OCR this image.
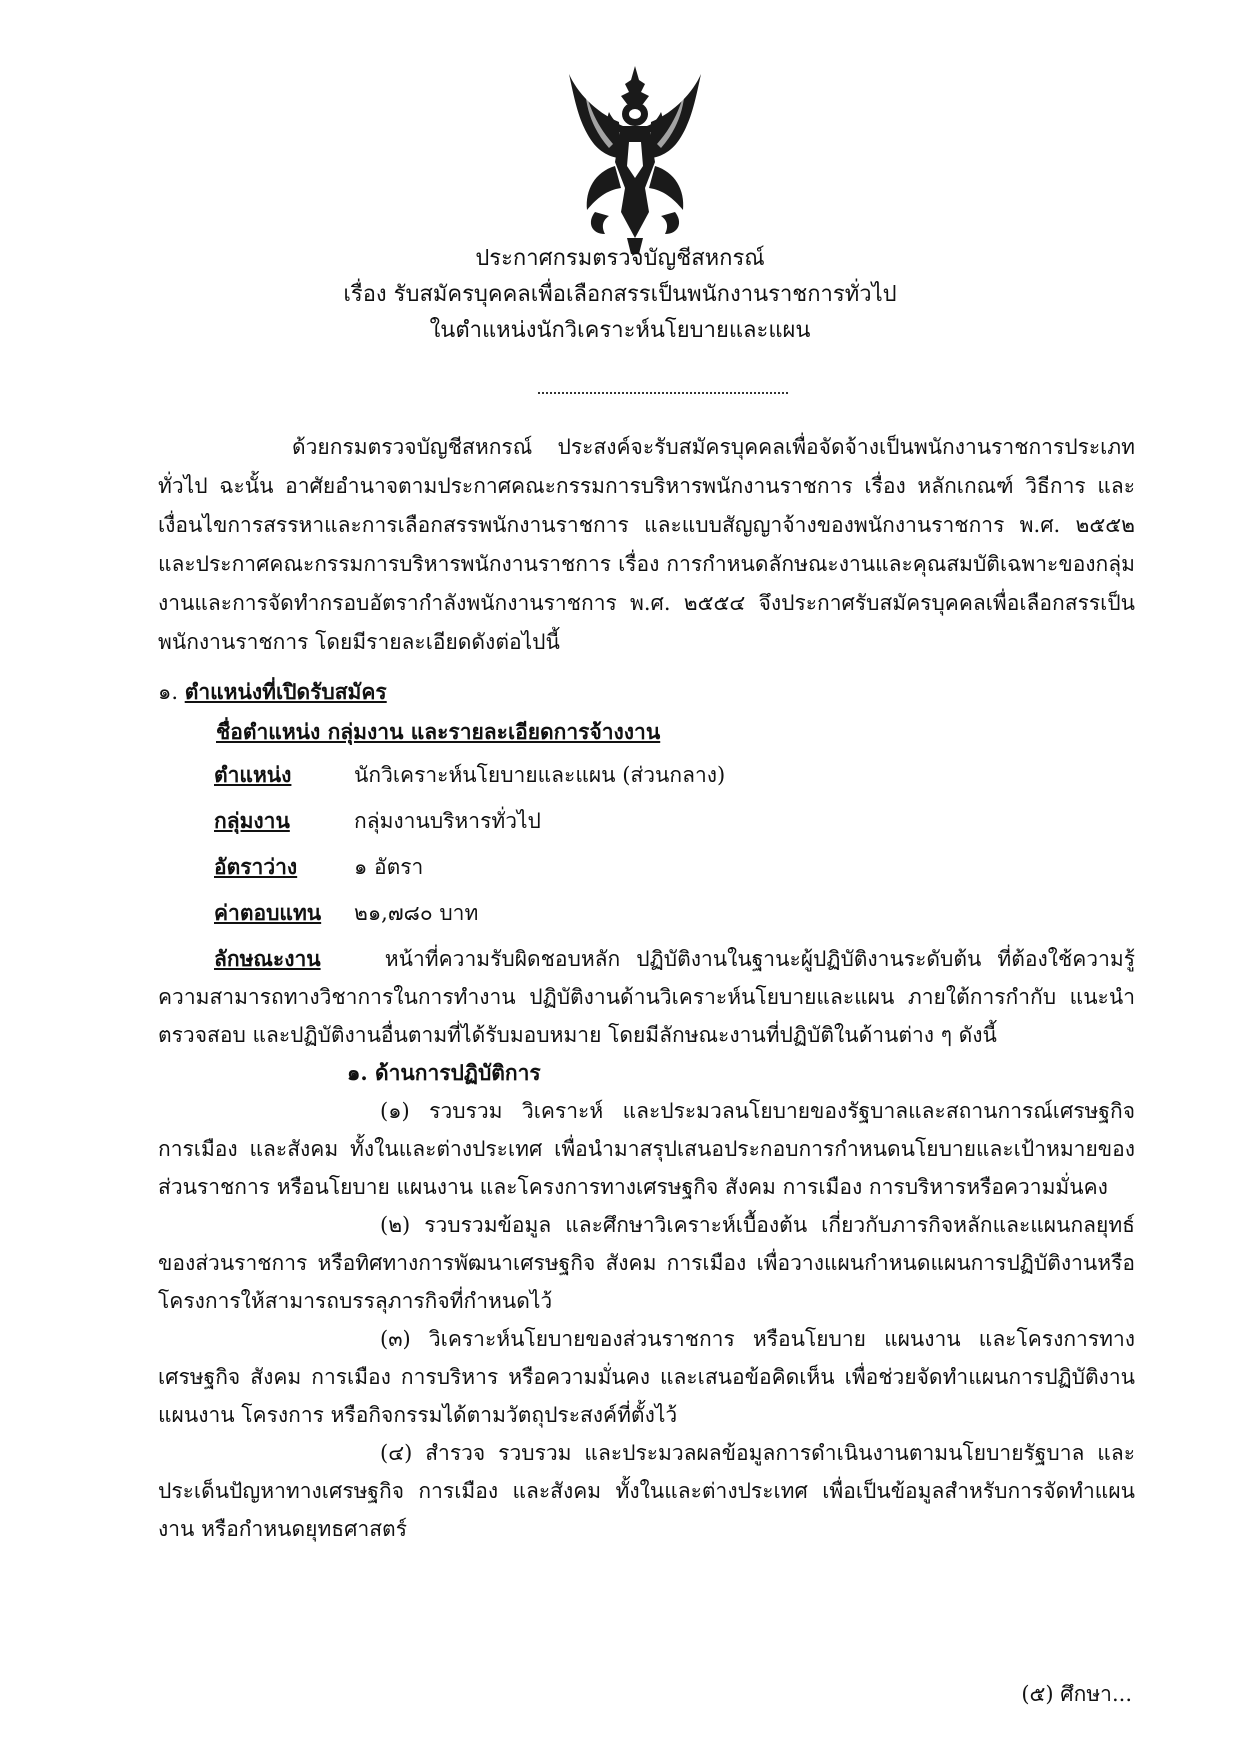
ประกาศกรมตรวจบัญชีสหกรณ์
เรื่อง รับสมัครบุคคลเพื่อเลือกสรรเป็นพนักงานราชการทั่วไป
ในตำแหน่งนักวิเคราะห์นโยบายและแผน
ด้วยกรมตรวจบัญชีสหกรณ์ ประสงค์จะรับสมัครบุคคลเพื่อจัดจ้างเป็นพนักงานราชการประเภททั่วไป ฉะนั้น อาศัยอำนาจตามประกาศคณะกรรมการบริหารพนักงานราชการ เรื่อง หลักเกณฑ์ วิธีการ และเงื่อนไขการสรรหาและการเลือกสรรพนักงานราชการ และแบบสัญญาจ้างของพนักงานราชการ พ.ศ. ๒๕๕๒ และประกาศคณะกรรมการบริหารพนักงานราชการ เรื่อง การกำหนดลักษณะงานและคุณสมบัติเฉพาะของกลุ่มงานและการจัดทำกรอบอัตรากำลังพนักงานราชการ พ.ศ. ๒๕๕๔ จึงประกาศรับสมัครบุคคลเพื่อเลือกสรรเป็นพนักงานราชการ โดยมีรายละเอียดดังต่อไปนี้
๑. ตำแหน่งที่เปิดรับสมัคร
ชื่อตำแหน่ง กลุ่มงาน และรายละเอียดการจ้างงาน
ตำแหน่ง	นักวิเคราะห์นโยบายและแผน (ส่วนกลาง)
กลุ่มงาน	กลุ่มงานบริหารทั่วไป
อัตราว่าง	๑ อัตรา
ค่าตอบแทน	๒๑,๗๘๐ บาท
ลักษณะงาน	หน้าที่ความรับผิดชอบหลัก ปฏิบัติงานในฐานะผู้ปฏิบัติงานระดับต้น ที่ต้องใช้ความรู้ ความสามารถทางวิชาการในการทำงาน ปฏิบัติงานด้านวิเคราะห์นโยบายและแผน ภายใต้การกำกับ แนะนำ ตรวจสอบ และปฏิบัติงานอื่นตามที่ได้รับมอบหมาย โดยมีลักษณะงานที่ปฏิบัติในด้านต่าง ๆ ดังนี้
๑. ด้านการปฏิบัติการ
(๑) รวบรวม วิเคราะห์ และประมวลนโยบายของรัฐบาลและสถานการณ์เศรษฐกิจ การเมือง และสังคม ทั้งในและต่างประเทศ เพื่อนำมาสรุปเสนอประกอบการกำหนดนโยบายและเป้าหมายของส่วนราชการ หรือนโยบาย แผนงาน และโครงการทางเศรษฐกิจ สังคม การเมือง การบริหารหรือความมั่นคง
(๒) รวบรวมข้อมูล และศึกษาวิเคราะห์เบื้องต้น เกี่ยวกับภารกิจหลักและแผนกลยุทธ์ของส่วนราชการ หรือทิศทางการพัฒนาเศรษฐกิจ สังคม การเมือง เพื่อวางแผนกำหนดแผนการปฏิบัติงานหรือโครงการให้สามารถบรรลุภารกิจที่กำหนดไว้
(๓) วิเคราะห์นโยบายของส่วนราชการ หรือนโยบาย แผนงาน และโครงการทางเศรษฐกิจ สังคม การเมือง การบริหาร หรือความมั่นคง และเสนอข้อคิดเห็น เพื่อช่วยจัดทำแผนการปฏิบัติงาน แผนงาน โครงการ หรือกิจกรรมได้ตามวัตถุประสงค์ที่ตั้งไว้
(๔) สำรวจ รวบรวม และประมวลผลข้อมูลการดำเนินงานตามนโยบายรัฐบาล และประเด็นปัญหาทางเศรษฐกิจ การเมือง และสังคม ทั้งในและต่างประเทศ เพื่อเป็นข้อมูลสำหรับการจัดทำแผนงาน หรือกำหนดยุทธศาสตร์
(๕) ศึกษา...
